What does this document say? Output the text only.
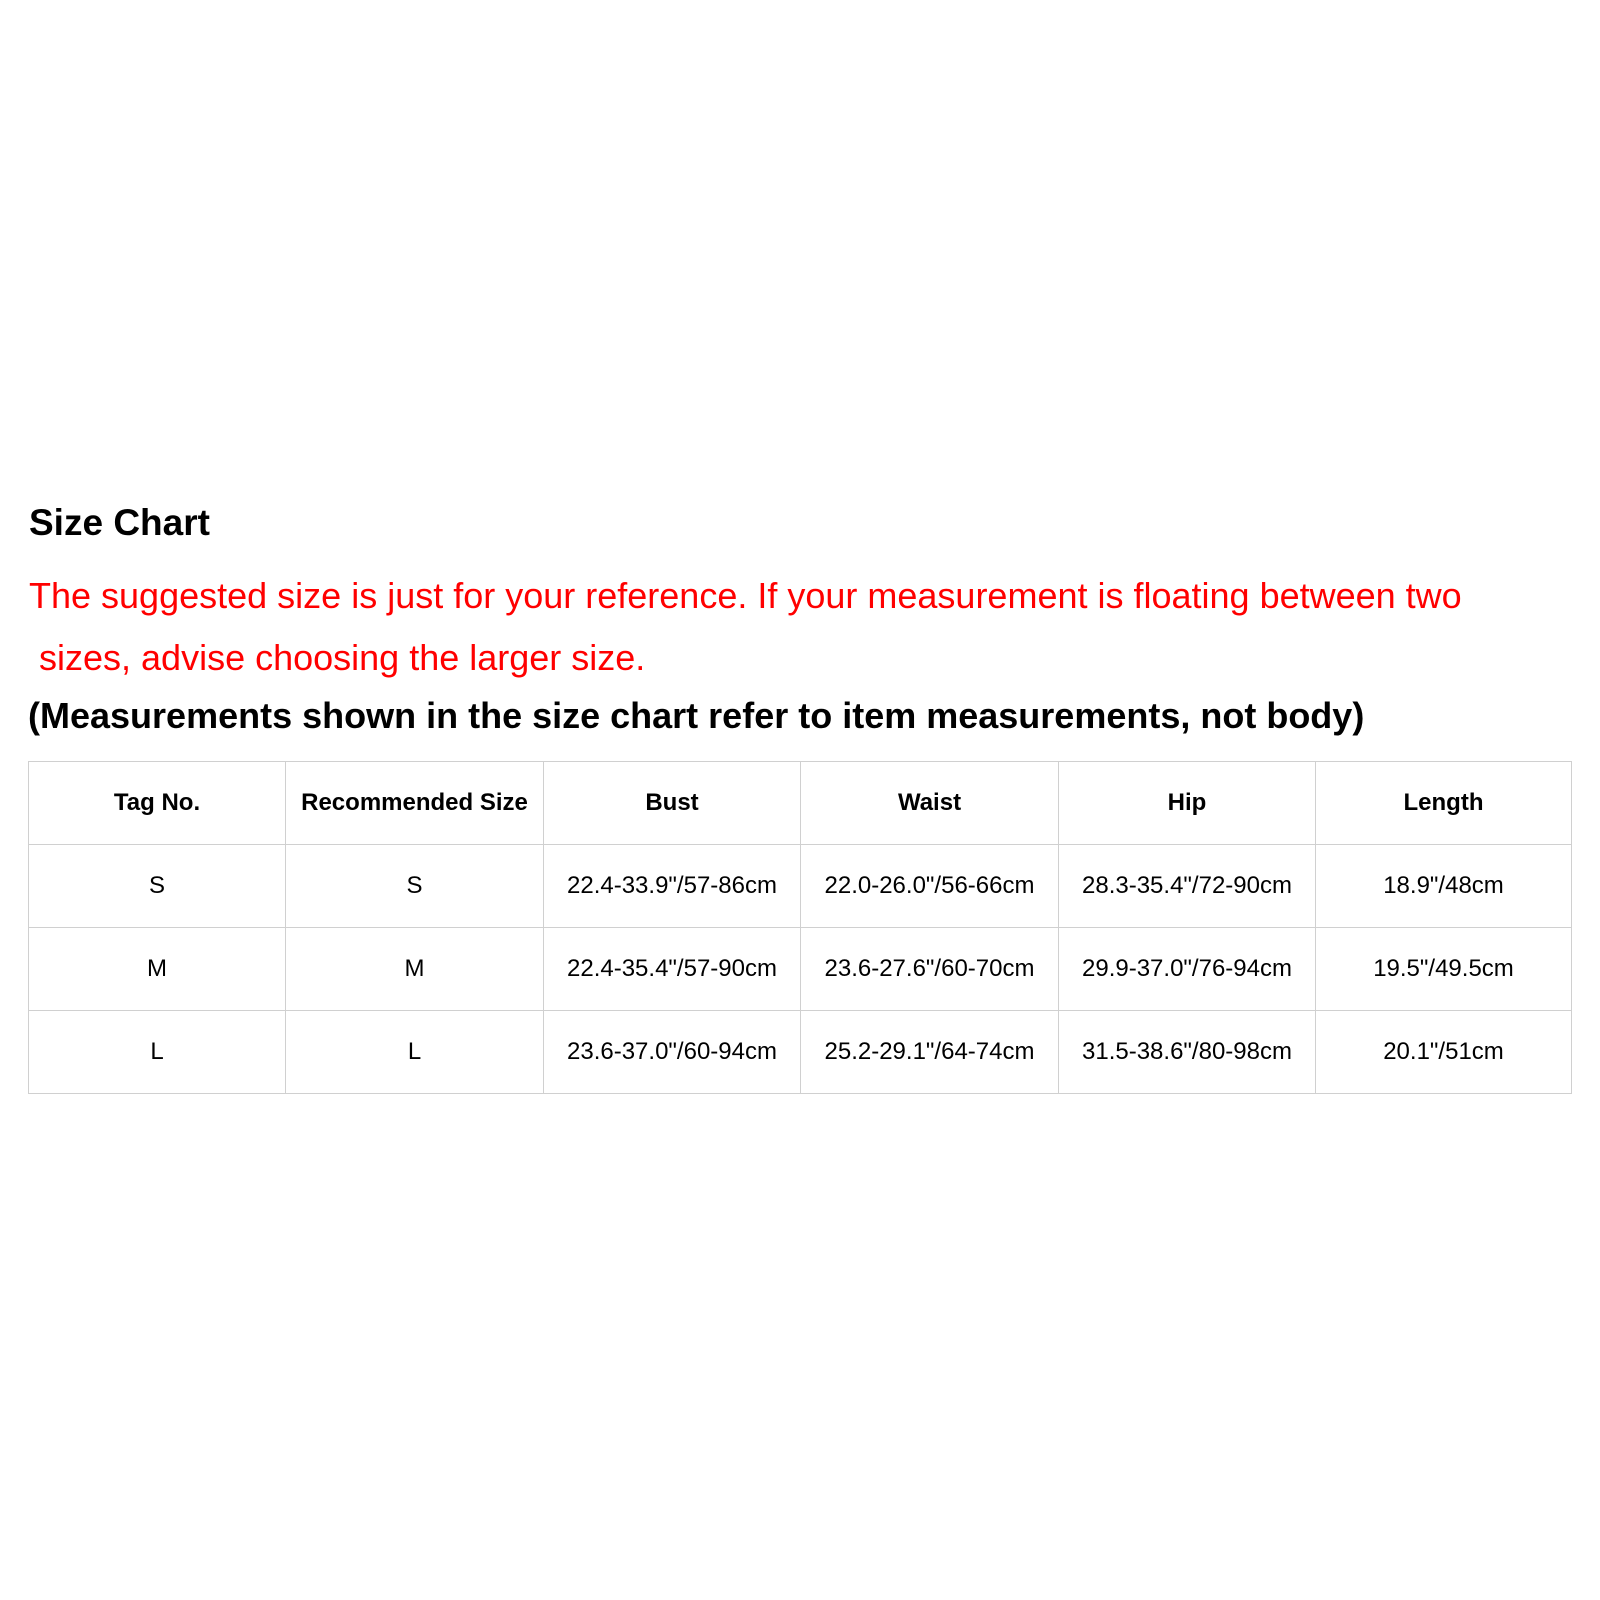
Size Chart

The suggested size is just for your reference. If your measurement is floating between two
sizes, advise choosing the larger size.

(Measurements shown in the size chart refer to item measurements, not body)
Tag No.	Recommended Size	Bust	Waist	Hip	Length
S	S	22.4-33.9"/57-86cm	22.0-26.0"/56-66cm	28.3-35.4"/72-90cm	18.9"/48cm
M	M	22.4-35.4"/57-90cm	23.6-27.6"/60-70cm	29.9-37.0"/76-94cm	19.5"/49.5cm
L	L	23.6-37.0"/60-94cm	25.2-29.1"/64-74cm	31.5-38.6"/80-98cm	20.1"/51cm
